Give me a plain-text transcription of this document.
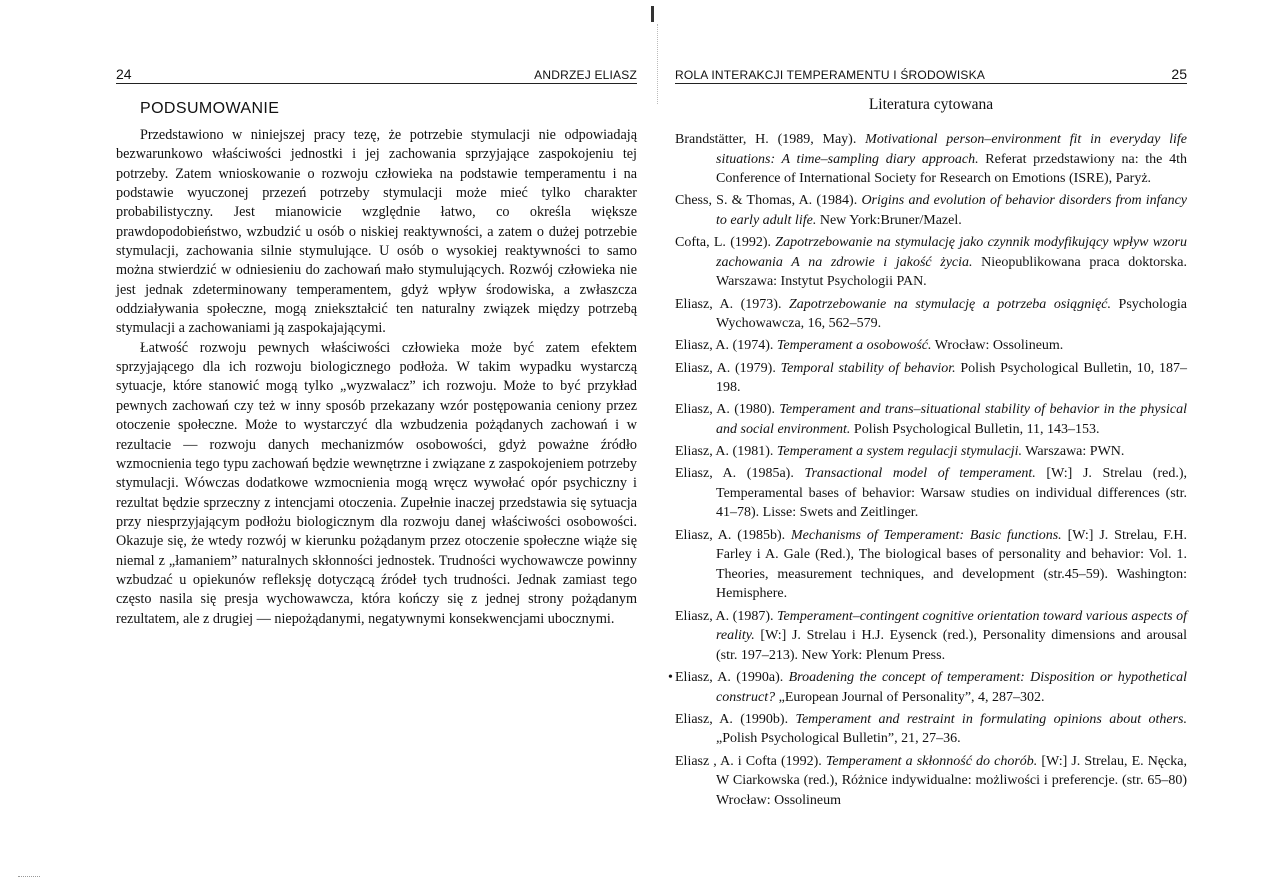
24	ANDRZEJ ELIASZ
PODSUMOWANIE

Przedstawiono w niniejszej pracy tezę, że potrzebie stymulacji nie odpowiadają bezwarunkowo właściwości jednostki i jej zachowania sprzyjające zaspokojeniu tej potrzeby. Zatem wnioskowanie o rozwoju człowieka na podstawie temperamentu i na podstawie wyuczonej przezeń potrzeby stymulacji może mieć tylko charakter probabilistyczny. Jest mianowicie względnie łatwo, co określa większe prawdopodobieństwo, wzbudzić u osób o niskiej reaktywności, a zatem o dużej potrzebie stymulacji, zachowania silnie stymulujące. U osób o wysokiej reaktywności to samo można stwierdzić w odniesieniu do zachowań mało stymulujących. Rozwój człowieka nie jest jednak zdeterminowany temperamentem, gdyż wpływ środowiska, a zwłaszcza oddziaływania społeczne, mogą zniekształcić ten naturalny związek między potrzebą stymulacji a zachowaniami ją zaspokajającymi.

Łatwość rozwoju pewnych właściwości człowieka może być zatem efektem sprzyjającego dla ich rozwoju biologicznego podłoża. W takim wypadku wystarczą sytuacje, które stanowić mogą tylko „wyzwalacz” ich rozwoju. Może to być przykład pewnych zachowań czy też w inny sposób przekazany wzór postępowania ceniony przez otoczenie społeczne. Może to wystarczyć dla wzbudzenia pożądanych zachowań i w rezultacie — rozwoju danych mechanizmów osobowości, gdyż poważne źródło wzmocnienia tego typu zachowań będzie wewnętrzne i związane z zaspokojeniem potrzeby stymulacji. Wówczas dodatkowe wzmocnienia mogą wręcz wywołać opór psychiczny i rezultat będzie sprzeczny z intencjami otoczenia. Zupełnie inaczej przedstawia się sytuacja przy niesprzyjającym podłożu biologicznym dla rozwoju danej właściwości osobowości. Okazuje się, że wtedy rozwój w kierunku pożądanym przez otoczenie społeczne wiąże się niemal z „łamaniem” naturalnych skłonności jednostek. Trudności wychowawcze powinny wzbudzać u opiekunów refleksję dotyczącą źródeł tych trudności. Jednak zamiast tego często nasila się presja wychowawcza, która kończy się z jednej strony pożądanym rezultatem, ale z drugiej — niepożądanymi, negatywnymi konsekwencjami ubocznymi.

ROLA INTERAKCJI TEMPERAMENTU I ŚRODOWISKA	25
Literatura cytowana

Brandstätter, H. (1989, May). Motivational person–environment fit in everyday life situations: A time–sampling diary approach. Referat przedstawiony na: the 4th Conference of International Society for Research on Emotions (ISRE), Paryż.

Chess, S. & Thomas, A. (1984). Origins and evolution of behavior disorders from infancy to early adult life. New York:Bruner/Mazel.

Cofta, L. (1992). Zapotrzebowanie na stymulację jako czynnik modyfikujący wpływ wzoru zachowania A na zdrowie i jakość życia. Nieopublikowana praca doktorska. Warszawa: Instytut Psychologii PAN.

Eliasz, A. (1973). Zapotrzebowanie na stymulację a potrzeba osiągnięć. Psychologia Wychowawcza, 16, 562–579.

Eliasz, A. (1974). Temperament a osobowość. Wrocław: Ossolineum.

Eliasz, A. (1979). Temporal stability of behavior. Polish Psychological Bulletin, 10, 187–198.

Eliasz, A. (1980). Temperament and trans–situational stability of behavior in the physical and social environment. Polish Psychological Bulletin, 11, 143–153.

Eliasz, A. (1981). Temperament a system regulacji stymulacji. Warszawa: PWN.

Eliasz, A. (1985a). Transactional model of temperament. [W:] J. Strelau (red.), Temperamental bases of behavior: Warsaw studies on individual differences (str. 41–78). Lisse: Swets and Zeitlinger.

Eliasz, A. (1985b). Mechanisms of Temperament: Basic functions. [W:] J. Strelau, F.H. Farley i A. Gale (Red.), The biological bases of personality and behavior: Vol. 1. Theories, measurement techniques, and development (str.45–59). Washington: Hemisphere.

Eliasz, A. (1987). Temperament–contingent cognitive orientation toward various aspects of reality. [W:] J. Strelau i H.J. Eysenck (red.), Personality dimensions and arousal (str. 197–213). New York: Plenum Press.

• Eliasz, A. (1990a). Broadening the concept of temperament: Disposition or hypothetical construct? „European Journal of Personality”, 4, 287–302.

Eliasz, A. (1990b). Temperament and restraint in formulating opinions about others. „Polish Psychological Bulletin”, 21, 27–36.

Eliasz , A. i Cofta (1992). Temperament a skłonność do chorób. [W:] J. Strelau, E. Nęcka, W Ciarkowska (red.), Różnice indywidualne: możliwości i preferencje. (str. 65–80) Wrocław: Ossolineum
